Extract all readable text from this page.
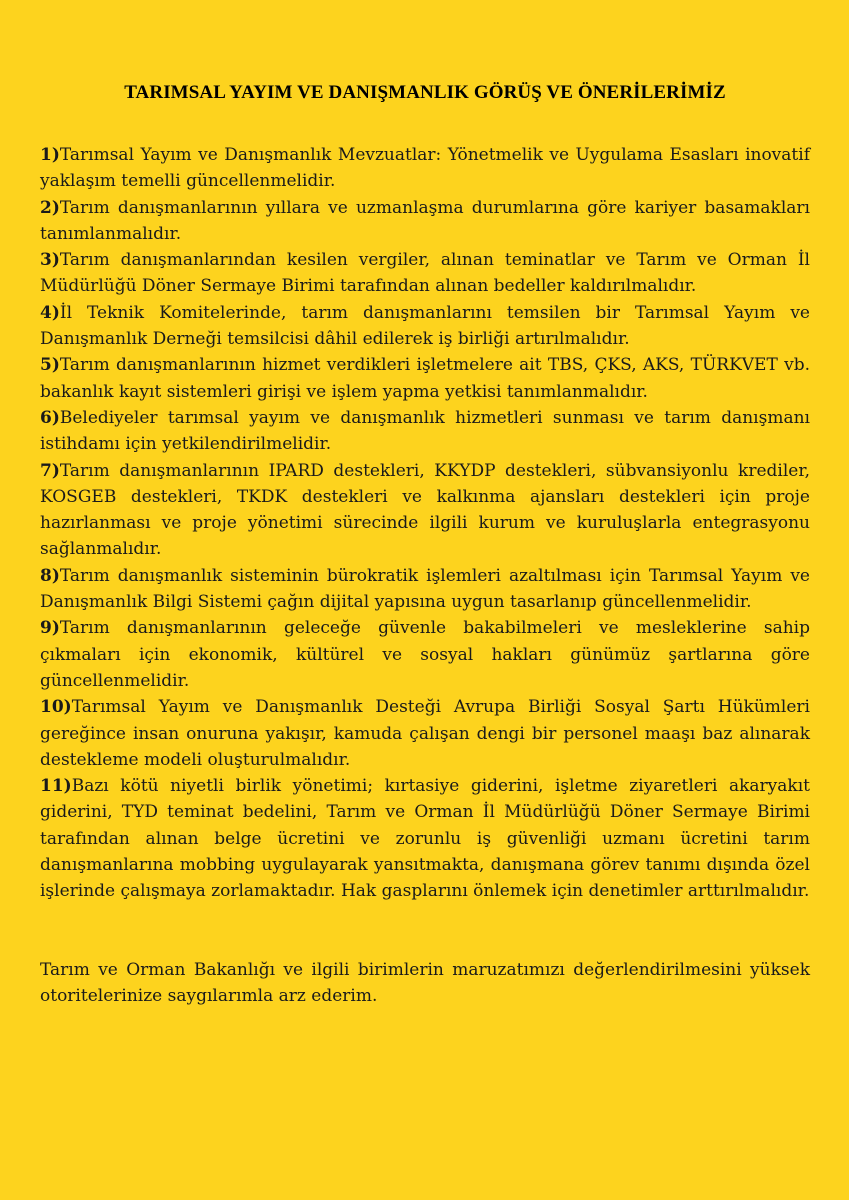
TARIMSAL YAYIM VE DANIŞMANLIK GÖRÜŞ VE ÖNERİLERİMİZ

1)Tarımsal Yayım ve Danışmanlık Mevzuatlar: Yönetmelik ve Uygulama Esasları inovatif yaklaşım temelli güncellenmelidir.

2)Tarım danışmanlarının yıllara ve uzmanlaşma durumlarına göre kariyer basamakları tanımlanmalıdır.

3)Tarım danışmanlarından kesilen vergiler, alınan teminatlar ve Tarım ve Orman İl Müdürlüğü Döner Sermaye Birimi tarafından alınan bedeller kaldırılmalıdır.

4)İl Teknik Komitelerinde, tarım danışmanlarını temsilen bir Tarımsal Yayım ve Danışmanlık Derneği temsilcisi dâhil edilerek iş birliği artırılmalıdır.

5)Tarım danışmanlarının hizmet verdikleri işletmelere ait TBS, ÇKS, AKS, TÜRKVET vb. bakanlık kayıt sistemleri girişi ve işlem yapma yetkisi tanımlanmalıdır.

6)Belediyeler tarımsal yayım ve danışmanlık hizmetleri sunması ve tarım danışmanı istihdamı için yetkilendirilmelidir.

7)Tarım danışmanlarının IPARD destekleri, KKYDP destekleri, sübvansiyonlu krediler, KOSGEB destekleri, TKDK destekleri ve kalkınma ajansları destekleri için proje hazırlanması ve proje yönetimi sürecinde ilgili kurum ve kuruluşlarla entegrasyonu sağlanmalıdır.

8)Tarım danışmanlık sisteminin bürokratik işlemleri azaltılması için Tarımsal Yayım ve Danışmanlık Bilgi Sistemi çağın dijital yapısına uygun tasarlanıp güncellenmelidir.

9)Tarım danışmanlarının geleceğe güvenle bakabilmeleri ve mesleklerine sahip çıkmaları için ekonomik, kültürel ve sosyal hakları günümüz şartlarına göre güncellenmelidir.

10)Tarımsal Yayım ve Danışmanlık Desteği Avrupa Birliği Sosyal Şartı Hükümleri gereğince insan onuruna yakışır, kamuda çalışan dengi bir personel maaşı baz alınarak destekleme modeli oluşturulmalıdır.

11)Bazı kötü niyetli birlik yönetimi; kırtasiye giderini, işletme ziyaretleri akaryakıt giderini, TYD teminat bedelini, Tarım ve Orman İl Müdürlüğü Döner Sermaye Birimi tarafından alınan belge ücretini ve zorunlu iş güvenliği uzmanı ücretini tarım danışmanlarına mobbing uygulayarak yansıtmakta, danışmana görev tanımı dışında özel işlerinde çalışmaya zorlamaktadır. Hak gasplarını önlemek için denetimler arttırılmalıdır.

Tarım ve Orman Bakanlığı ve ilgili birimlerin maruzatımızı değerlendirilmesini yüksek otoritelerinize saygılarımla arz ederim.
